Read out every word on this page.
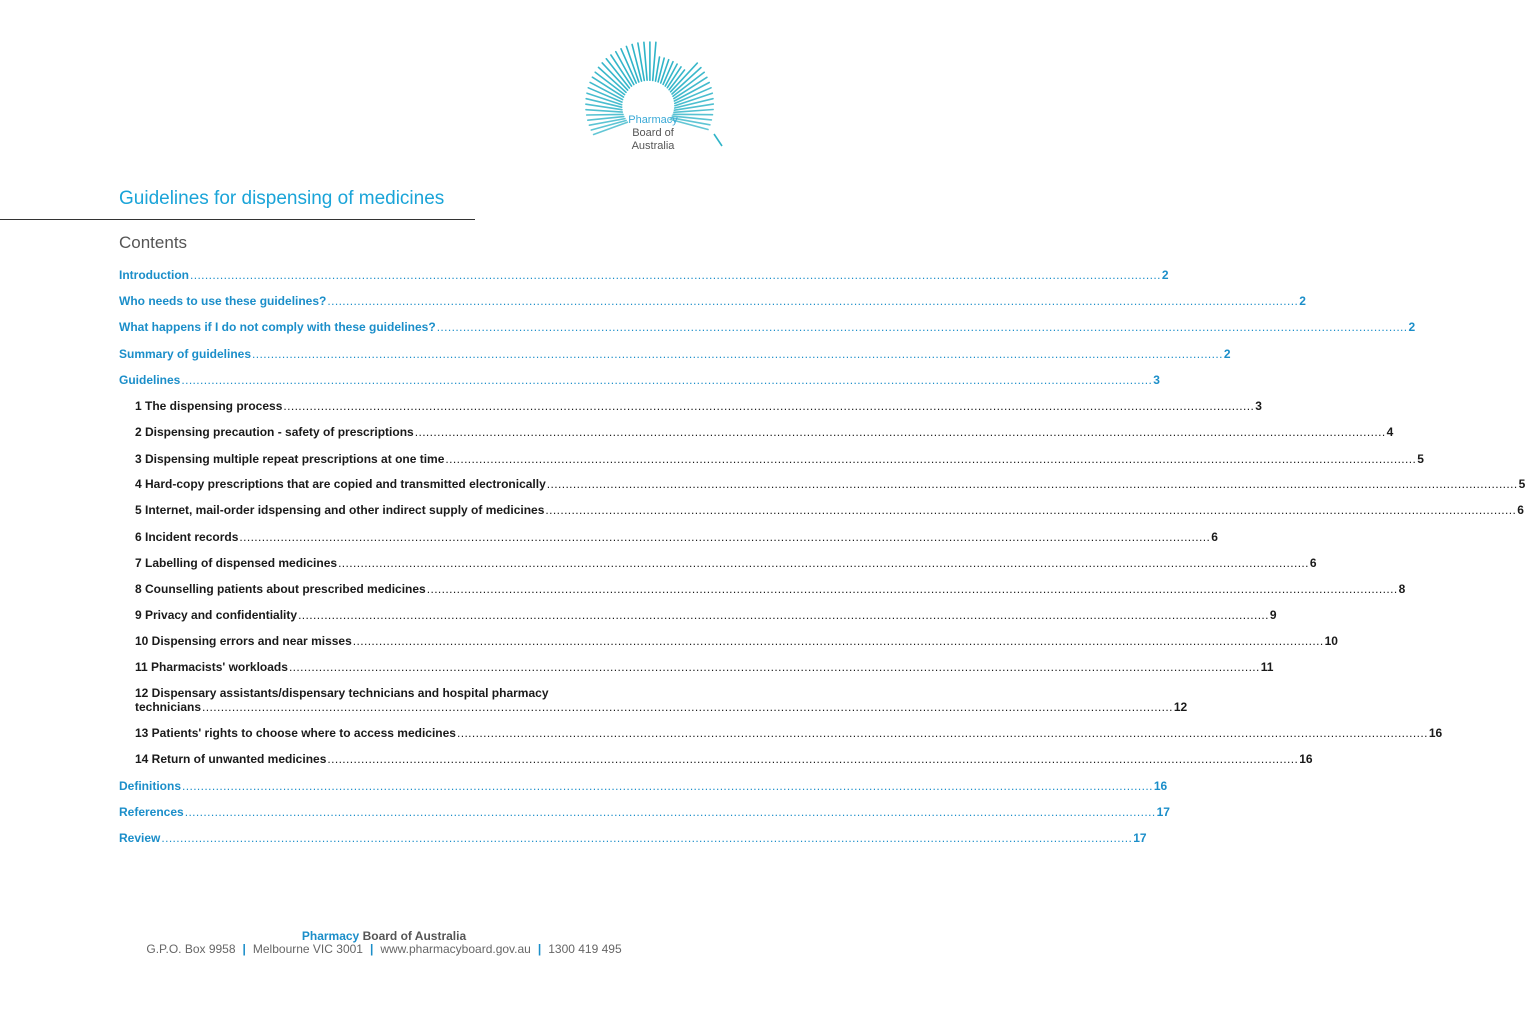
Pharmacy
Board of
Australia
Guidelines for dispensing of medicines
Contents
Introduction .................................................................................................................................................................................................................................................................... 2
Who needs to use these guidelines? .................................................................................................................................................................................................................................................................... 2
What happens if I do not comply with these guidelines? .................................................................................................................................................................................................................................................................... 2
Summary of guidelines .................................................................................................................................................................................................................................................................... 2
Guidelines .................................................................................................................................................................................................................................................................... 3
1 The dispensing process .................................................................................................................................................................................................................................................................... 3
2 Dispensing precaution - safety of prescriptions .................................................................................................................................................................................................................................................................... 4
3 Dispensing multiple repeat prescriptions at one time .................................................................................................................................................................................................................................................................... 5
4 Hard-copy prescriptions that are copied and transmitted electronically .................................................................................................................................................................................................................................................................... 5
5 Internet, mail-order idspensing and other indirect supply of medicines .................................................................................................................................................................................................................................................................... 6
6 Incident records .................................................................................................................................................................................................................................................................... 6
7 Labelling of dispensed medicines .................................................................................................................................................................................................................................................................... 6
8 Counselling patients about prescribed medicines .................................................................................................................................................................................................................................................................... 8
9 Privacy and confidentiality .................................................................................................................................................................................................................................................................... 9
10 Dispensing errors and near misses .................................................................................................................................................................................................................................................................... 10
11 Pharmacists' workloads .................................................................................................................................................................................................................................................................... 11
12 Dispensary assistants/dispensary technicians and hospital pharmacy
technicians .................................................................................................................................................................................................................................................................... 12
13 Patients' rights to choose where to access medicines .................................................................................................................................................................................................................................................................... 16
14 Return of unwanted medicines .................................................................................................................................................................................................................................................................... 16
Definitions .................................................................................................................................................................................................................................................................... 16
References .................................................................................................................................................................................................................................................................... 17
Review .................................................................................................................................................................................................................................................................... 17
Pharmacy Board of Australia
G.P.O. Box 9958 | Melbourne VIC 3001 | www.pharmacyboard.gov.au | 1300 419 495
